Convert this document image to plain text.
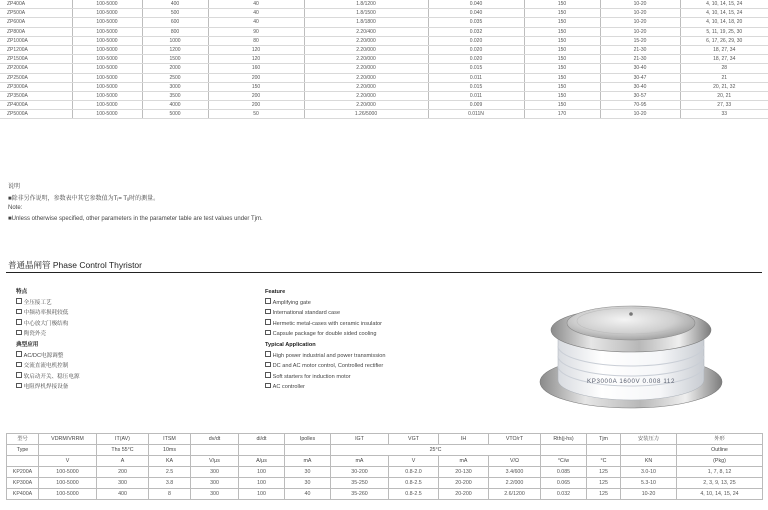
ZP400A	100-5000	400	40	1.8/1200	0.040	150	10-20	4, 10, 14, 15, 24
ZP500A	100-5000	500	40	1.8/1500	0.040	150	10-20	4, 10, 14, 15, 24
ZP600A	100-5000	600	40	1.8/1800	0.035	150	10-20	4, 10, 14, 18, 20
ZP800A	100-5000	800	90	2.20/400	0.032	150	10-20	5, 11, 19, 25, 30
ZP1000A	100-5000	1000	80	2.20/000	0.020	150	15-20	6, 17, 26, 29, 30
ZP1200A	100-5000	1200	120	2.20/000	0.020	150	21-30	18, 27, 34
ZP1500A	100-5000	1500	120	2.20/000	0.020	150	21-30	18, 27, 34
ZP2000A	100-5000	2000	160	2.20/000	0.015	150	30-40	28
ZP2500A	100-5000	2500	200	2.20/000	0.011	150	30-47	21
ZP3000A	100-5000	3000	150	2.20/000	0.015	150	30-40	20, 21, 32
ZP3500A	100-5000	3500	200	2.20/000	0.011	150	30-57	20, 21
ZP4000A	100-5000	4000	200	2.20/000	0.009	150	70-95	27, 33
ZP5000A	100-5000	5000	50	1.26/5000	0.011N	170	10-20	33
说明
■除非另作说明，参数表中其它参数值为Tⱼ= Tⱼⱼ时的测量。
Note:
■Unless otherwise specified, other parameters in the parameter table are test values under Tjm.
普通晶闸管 Phase Control Thyristor
特点
全压接工艺
中频功率损耗较低
中心放大门极结构
陶瓷外壳
典型应用
AC/DC电源调整
交流直流电机控制
软启动开关、稳压电源
电阻焊机焊接设备
Feature
Amplifying gate
International standard case
Hermetic metal-cases with ceramic insulator
Capsule package for double sided cooling
Typical Application
High power industrial and power transmission
DC and AC motor control, Controlled rectifier
Soft starters for induction motor
AC controller
KP3000A 1600V 0.008 112
型号	VDRM/VRRM	IT(AV)	ITSM	dv/dt	di/dt	Ipolles	IGT	VGT	IH	VTO/rT	Rth(j-hs)	Tjm	安装压力	外形
Type		Ths 55°C	10ms				25°C							Outline
	V	A	KA	V/μs	A/μs	mA	mA	V	mA	V/Ω	°C/w	°C	KN	(Pkg)
KP200A	100-5000	200	2.5	300	100	30	30-200	0.8-2.0	20-130	3.4/600	0.085	125	3.0-10	1, 7, 8, 12
KP300A	100-5000	300	3.8	300	100	30	35-250	0.8-2.5	20-200	2.2/000	0.065	125	5.3-10	2, 3, 9, 13, 25
KP400A	100-5000	400	8	300	100	40	35-260	0.8-2.5	20-200	2.6/1200	0.032	125	10-20	4, 10, 14, 15, 24
